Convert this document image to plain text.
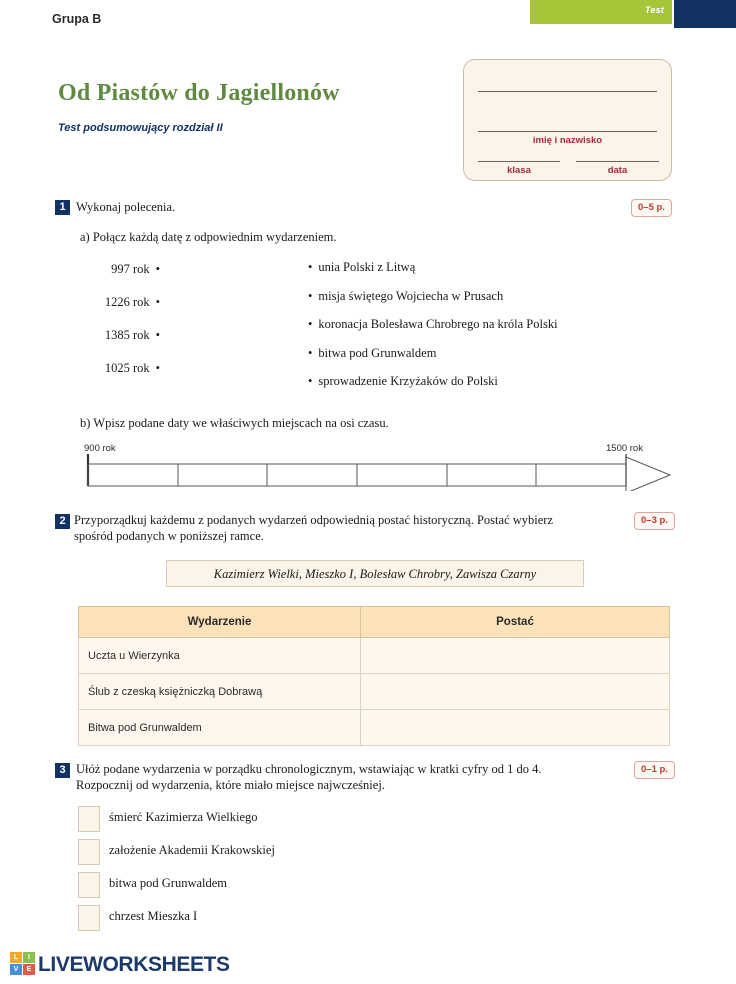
Test
Grupa B
Od Piastów do Jagiellonów
Test podsumowujący rozdział II
imię i nazwisko
klasa	data
1 Wykonaj polecenia.	0–5 p.
a) Połącz każdą datę z odpowiednim wydarzeniem.
997 rok •
1226 rok •
1385 rok •
1025 rok •
• unia Polski z Litwą
• misja świętego Wojciecha w Prusach
• koronacja Bolesława Chrobrego na króla Polski
• bitwa pod Grunwaldem
• sprowadzenie Krzyżaków do Polski
b) Wpisz podane daty we właściwych miejscach na osi czasu.
900 rok	1500 rok
2 Przyporządkuj każdemu z podanych wydarzeń odpowiednią postać historyczną. Postać wybierz
spośród podanych w poniższej ramce.
0–3 p.
Kazimierz Wielki, Mieszko I, Bolesław Chrobry, Zawisza Czarny
Wydarzenie	Postać
Uczta u Wierzynka	
Ślub z czeską księżniczką Dobrawą	
Bitwa pod Grunwaldem	
3 Ułóż podane wydarzenia w porządku chronologicznym, wstawiając w kratki cyfry od 1 do 4.
Rozpocznij od wydarzenia, które miało miejsce najwcześniej.
0–1 p.
śmierć Kazimierza Wielkiego
założenie Akademii Krakowskiej
bitwa pod Grunwaldem
chrzest Mieszka I
L	I
V	E LIVEWORKSHEETS
